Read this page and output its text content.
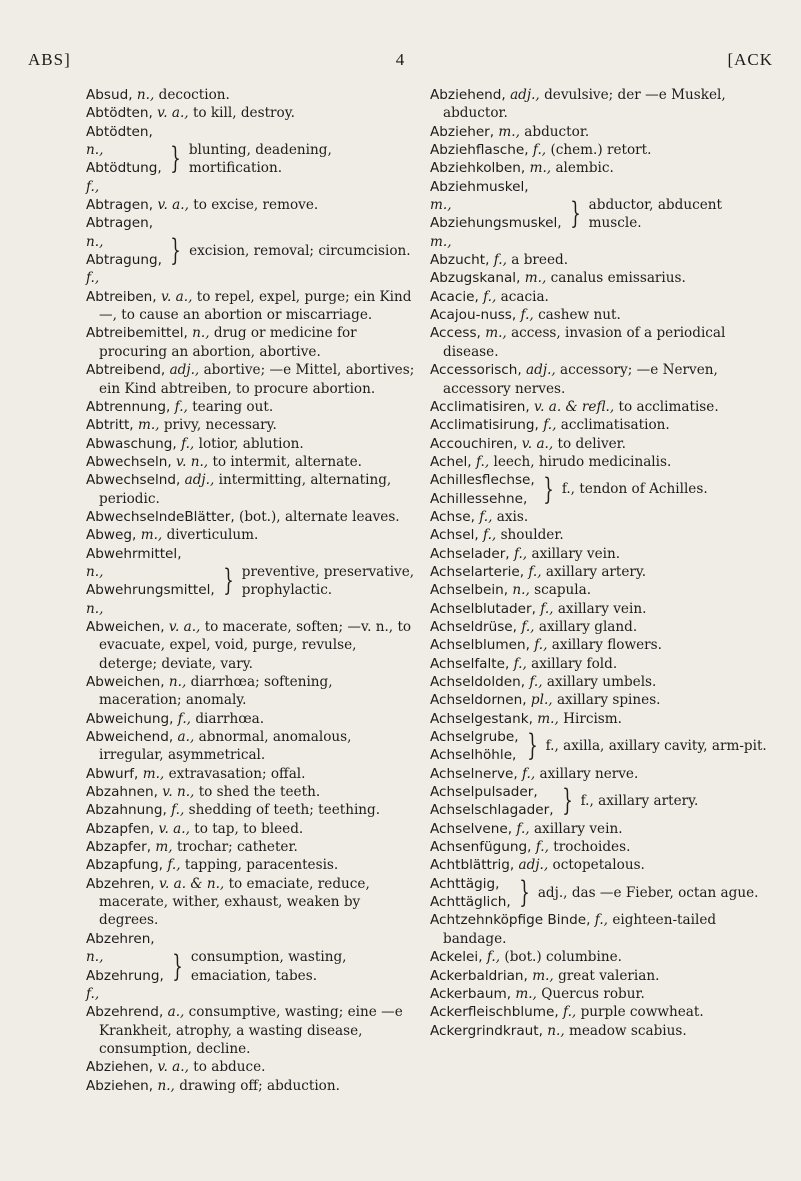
ABS]	4	[ACK

Absud, n., decoction.

Abtödten, v. a., to kill, destroy.

Abtödten,
n.,
Abtödtung,
f.,
} blunting, deadening, mortification.

Abtragen, v. a., to excise, remove.

Abtragen,
n.,
Abtragung,
f.,
} excision, removal; circumcision.

Abtreiben, v. a., to repel, expel, purge; ein Kind—, to cause an abortion or miscarriage.

Abtreibemittel, n., drug or medicine for procuring an abortion, abortive.

Abtreibend, adj., abortive; —e Mittel, abortives; ein Kind abtreiben, to procure abortion.

Abtrennung, f., tearing out.

Abtritt, m., privy, necessary.

Abwaschung, f., lotior, ablution.

Abwechseln, v. n., to intermit, alternate.

Abwechselnd, adj., intermitting, alternating, periodic.

AbwechselndeBlätter, (bot.), alternate leaves.

Abweg, m., diverticulum.

Abwehrmittel,
n.,
Abwehrungsmittel,
n.,
} preventive, preservative, prophylactic.

Abweichen, v. a., to macerate, soften; —v. n., to evacuate, expel, void, purge, revulse, deterge; deviate, vary.

Abweichen, n., diarrhœa; softening, maceration; anomaly.

Abweichung, f., diarrhœa.

Abweichend, a., abnormal, anomalous, irregular, asymmetrical.

Abwurf, m., extravasation; offal.

Abzahnen, v. n., to shed the teeth.

Abzahnung, f., shedding of teeth; teething.

Abzapfen, v. a., to tap, to bleed.

Abzapfer, m, trochar; catheter.

Abzapfung, f., tapping, paracentesis.

Abzehren, v. a. & n., to emaciate, reduce, macerate, wither, exhaust, weaken by degrees.

Abzehren,
n.,
Abzehrung,
f.,
} consumption, wasting, emaciation, tabes.

Abzehrend, a., consumptive, wasting; eine —e Krankheit, atrophy, a wasting disease, consumption, decline.

Abziehen, v. a., to abduce.

Abziehen, n., drawing off; abduction.

Abziehend, adj., devulsive; der —e Muskel, abductor.

Abzieher, m., abductor.

Abziehflasche, f., (chem.) retort.

Abziehkolben, m., alembic.

Abziehmuskel,
m.,
Abziehungsmuskel,
m.,
} abductor, abducent muscle.

Abzucht, f., a breed.

Abzugskanal, m., canalus emissarius.

Acacie, f., acacia.

Acajou-nuss, f., cashew nut.

Access, m., access, invasion of a periodical disease.

Accessorisch, adj., accessory; —e Nerven, accessory nerves.

Acclimatisiren, v. a. & refl., to acclimatise.

Acclimatisirung, f., acclimatisation.

Accouchiren, v. a., to deliver.

Achel, f., leech, hirudo medicinalis.

Achillesflechse,
Achillessehne, } f., tendon of Achilles.

Achse, f., axis.

Achsel, f., shoulder.

Achselader, f., axillary vein.

Achselarterie, f., axillary artery.

Achselbein, n., scapula.

Achselblutader, f., axillary vein.

Achseldrüse, f., axillary gland.

Achselblumen, f., axillary flowers.

Achselfalte, f., axillary fold.

Achseldolden, f., axillary umbels.

Achseldornen, pl., axillary spines.

Achselgestank, m., Hircism.

Achselgrube,
Achselhöhle, } f., axilla, axillary cavity, arm-pit.

Achselnerve, f., axillary nerve.

Achselpulsader,
Achselschlagader, } f., axillary artery.

Achselvene, f., axillary vein.

Achsenfügung, f., trochoides.

Achtblättrig, adj., octopetalous.

Achttägig,
Achttäglich, } adj., das —e Fieber, octan ague.

Achtzehnköpfige Binde, f., eighteen-tailed bandage.

Ackelei, f., (bot.) columbine.

Ackerbaldrian, m., great valerian.

Ackerbaum, m., Quercus robur.

Ackerfleischblume, f., purple cowwheat.

Ackergrindkraut, n., meadow scabius.
